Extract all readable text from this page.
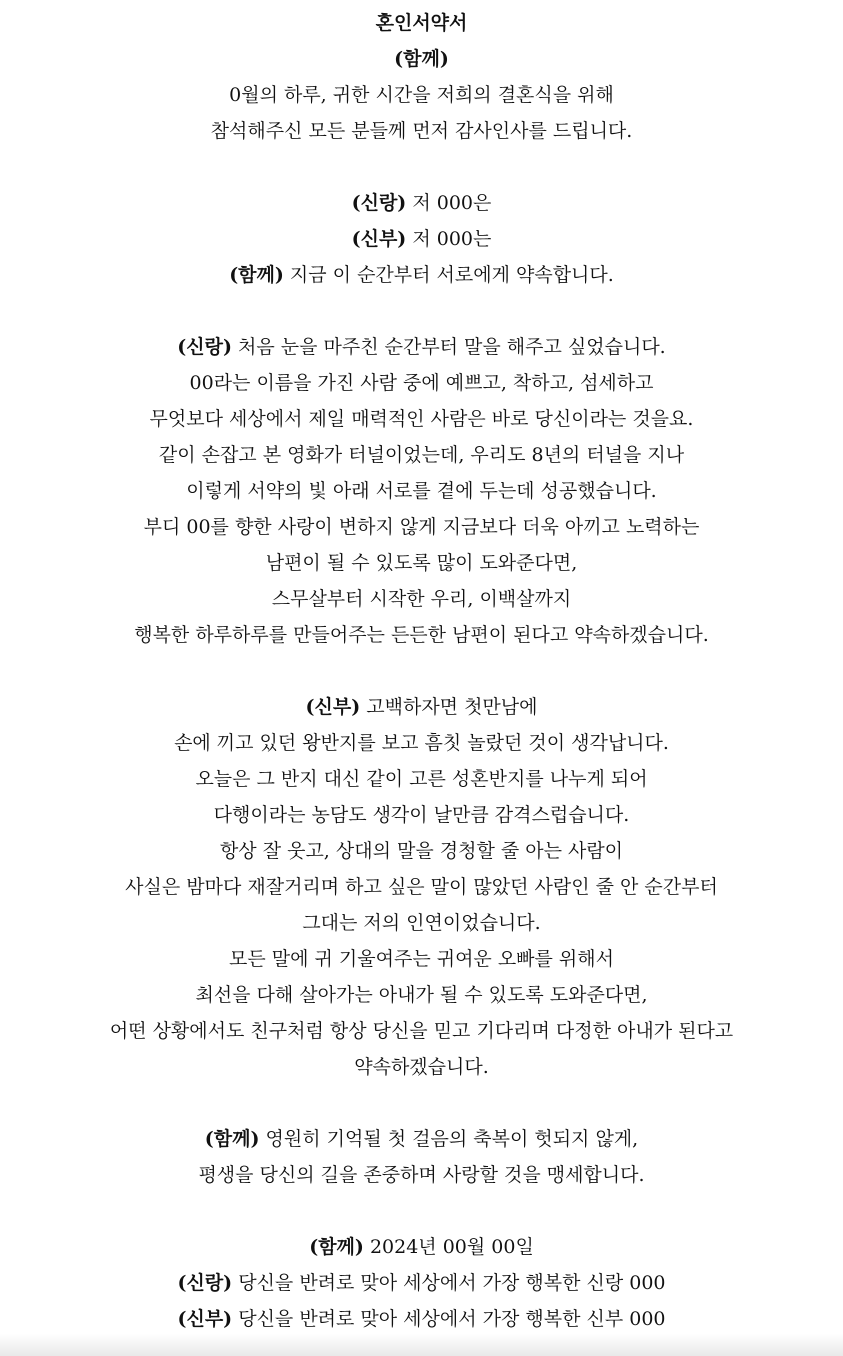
혼인서약서
(함께)
0월의 하루, 귀한 시간을 저희의 결혼식을 위해
참석해주신 모든 분들께 먼저 감사인사를 드립니다.
(신랑) 저 000은
(신부) 저 000는
(함께) 지금 이 순간부터 서로에게 약속합니다.
(신랑) 처음 눈을 마주친 순간부터 말을 해주고 싶었습니다.
00라는 이름을 가진 사람 중에 예쁘고, 착하고, 섬세하고
무엇보다 세상에서 제일 매력적인 사람은 바로 당신이라는 것을요.
같이 손잡고 본 영화가 터널이었는데, 우리도 8년의 터널을 지나
이렇게 서약의 빛 아래 서로를 곁에 두는데 성공했습니다.
부디 00를 향한 사랑이 변하지 않게 지금보다 더욱 아끼고 노력하는
남편이 될 수 있도록 많이 도와준다면,
스무살부터 시작한 우리, 이백살까지
행복한 하루하루를 만들어주는 든든한 남편이 된다고 약속하겠습니다.
(신부) 고백하자면 첫만남에
손에 끼고 있던 왕반지를 보고 흠칫 놀랐던 것이 생각납니다.
오늘은 그 반지 대신 같이 고른 성혼반지를 나누게 되어
다행이라는 농담도 생각이 날만큼 감격스럽습니다.
항상 잘 웃고, 상대의 말을 경청할 줄 아는 사람이
사실은 밤마다 재잘거리며 하고 싶은 말이 많았던 사람인 줄 안 순간부터
그대는 저의 인연이었습니다.
모든 말에 귀 기울여주는 귀여운 오빠를 위해서
최선을 다해 살아가는 아내가 될 수 있도록 도와준다면,
어떤 상황에서도 친구처럼 항상 당신을 믿고 기다리며 다정한 아내가 된다고
약속하겠습니다.
(함께) 영원히 기억될 첫 걸음의 축복이 헛되지 않게,
평생을 당신의 길을 존중하며 사랑할 것을 맹세합니다.
(함께) 2024년 00월 00일
(신랑) 당신을 반려로 맞아 세상에서 가장 행복한 신랑 000
(신부) 당신을 반려로 맞아 세상에서 가장 행복한 신부 000
